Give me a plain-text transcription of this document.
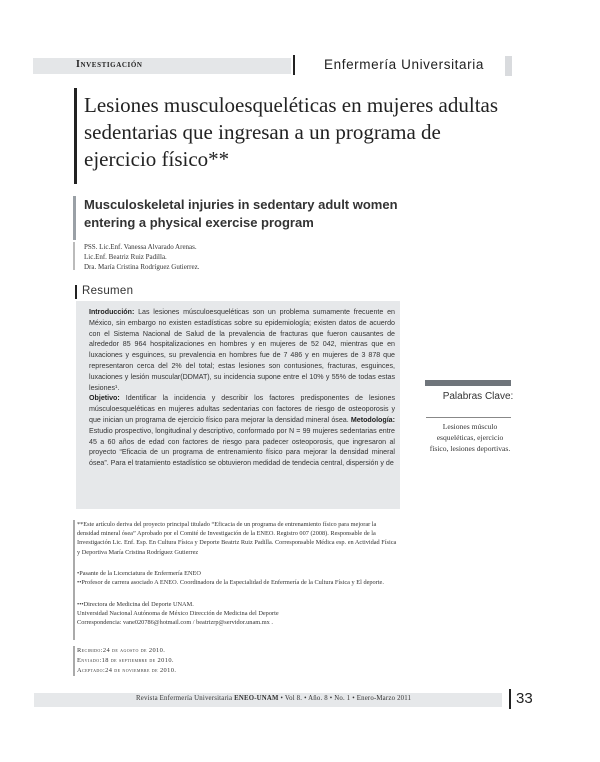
Investigación	Enfermería Universitaria
Lesiones musculoesqueléticas en mujeres adultas sedentarias que ingresan a un programa de ejercicio físico**
Musculoskeletal injuries in sedentary adult women entering a physical exercise program
PSS. Lic.Enf. Vanessa Alvarado Arenas.
Lic.Enf. Beatriz Ruiz Padilla.
Dra. María Cristina Rodríguez Gutierrez.
Resumen

Introducción: Las lesiones músculoesqueléticas son un problema sumamente frecuente en México, sin embargo no existen estadísticas sobre su epidemiología; existen datos de acuerdo con el Sistema Nacional de Salud de la prevalencia de fracturas que fueron causantes de alrededor 85 964 hospitalizaciones en hombres y en mujeres de 52 042, mientras que en luxaciones y esguinces, su prevalencia en hombres fue de 7 486 y en mujeres de 3 878 que representaron cerca del 2% del total; estas lesiones son contusiones, fracturas, esguinces, luxaciones y lesión muscular(DDMAT), su incidencia supone entre el 10% y 55% de todas estas lesiones¹.
Objetivo: Identificar la incidencia y describir los factores predisponentes de lesiones músculoesqueléticas en mujeres adultas sedentarias con factores de riesgo de osteoporosis y que inician un programa de ejercicio físico para mejorar la densidad mineral ósea. Metodología: Estudio prospectivo, longitudinal y descriptivo, conformado por N = 99 mujeres sedentarias entre 45 a 60 años de edad con factores de riesgo para padecer osteoporosis, que ingresaron al proyecto “Eficacia de un programa de entrenamiento físico para mejorar la densidad mineral ósea”. Para el tratamiento estadístico se obtuvieron medidad de tendecia central, dispersión y de

Palabras Clave:
Lesiones músculo esqueléticas, ejercicio físico, lesiones deportivas.
**Este artículo deriva del proyecto principal titulado “Eficacia de un programa de entrenamiento físico para mejorar la densidad mineral ósea” Aprobado por el Comité de Investigación de la ENEO. Registro 007 (2008). Responsable de la Investigación Lic. Enf. Esp. En Cultura Física y Deporte Beatriz Ruiz Padilla. Corresponsable Médica esp. en Actividad Física y Deportiva María Cristina Rodríguez Gutierrez
•Pasante de la Licenciatura de Enfermería ENEO
••Profesor de carrera asociado A ENEO. Coordinadora de la Especialidad de Enfermería de la Cultura Física y El deporte.
•••Directora de Medicina del Deporte UNAM.
Universidad Nacional Autónoma de México Dirección de Medicina del Deporte
Correspondencia: vane020786@hotmail.com / beatrizrp@servidor.unam.mx .
Recibido:24 de agosto de 2010.
Enviado:18 de septiembre de 2010.
Aceptado:24 de noviembre de 2010.
Revista Enfermería Universitaria ENEO-UNAM • Vol 8. • Año. 8 • No. 1 • Enero-Marzo 2011	33
